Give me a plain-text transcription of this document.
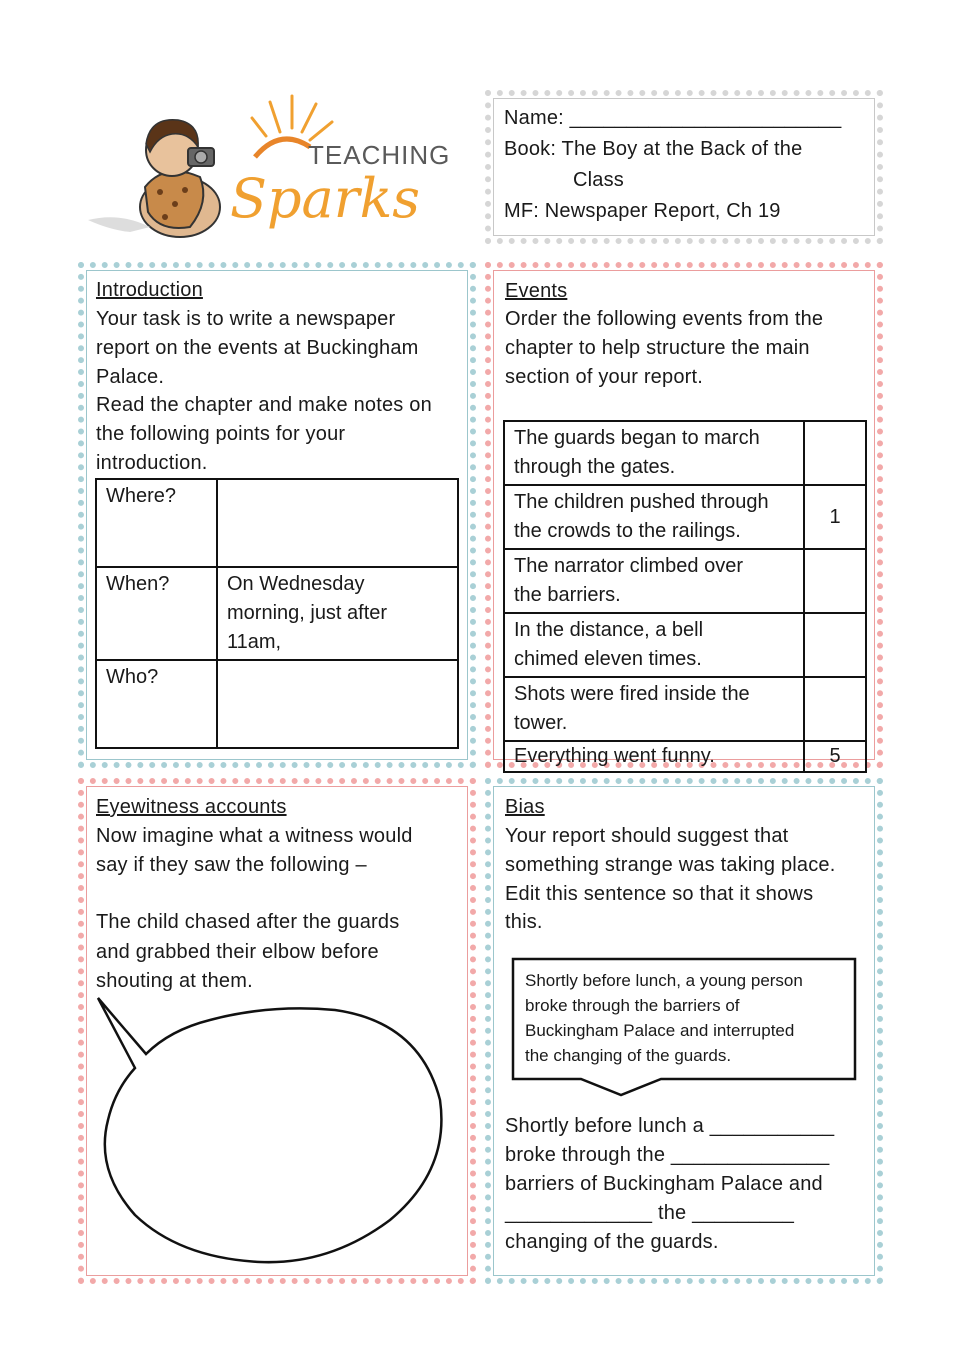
TEACHING
Sparks
Name: ________________________
Book: The Boy at the Back of the
Class
MF: Newspaper Report, Ch 19
Introduction
Your task is to write a newspaper
report on the events at Buckingham
Palace.
Read the chapter and make notes on
the following points for your
introduction.
Where?	
When?	On Wednesday
morning, just after
11am,

Who?	
Events
Order the following events from the
chapter to help structure the main
section of your report.
The guards began to march
through the gates.	

The children pushed through
the crowds to the railings.	1

The narrator climbed over
the barriers.	

In the distance, a bell
chimed eleven times.	

Shots were fired inside the
tower.	

Everything went funny.	5
Eyewitness accounts
Now imagine what a witness would
say if they saw the following –
The child chased after the guards
and grabbed their elbow before
shouting at them.
Bias
Your report should suggest that
something strange was taking place.
Edit this sentence so that it shows
this.
Shortly before lunch, a young person
broke through the barriers of
Buckingham Palace and interrupted
the changing of the guards.
Shortly before lunch a ___________
broke through the ______________
barriers of Buckingham Palace and
_____________ the _________
changing of the guards.
